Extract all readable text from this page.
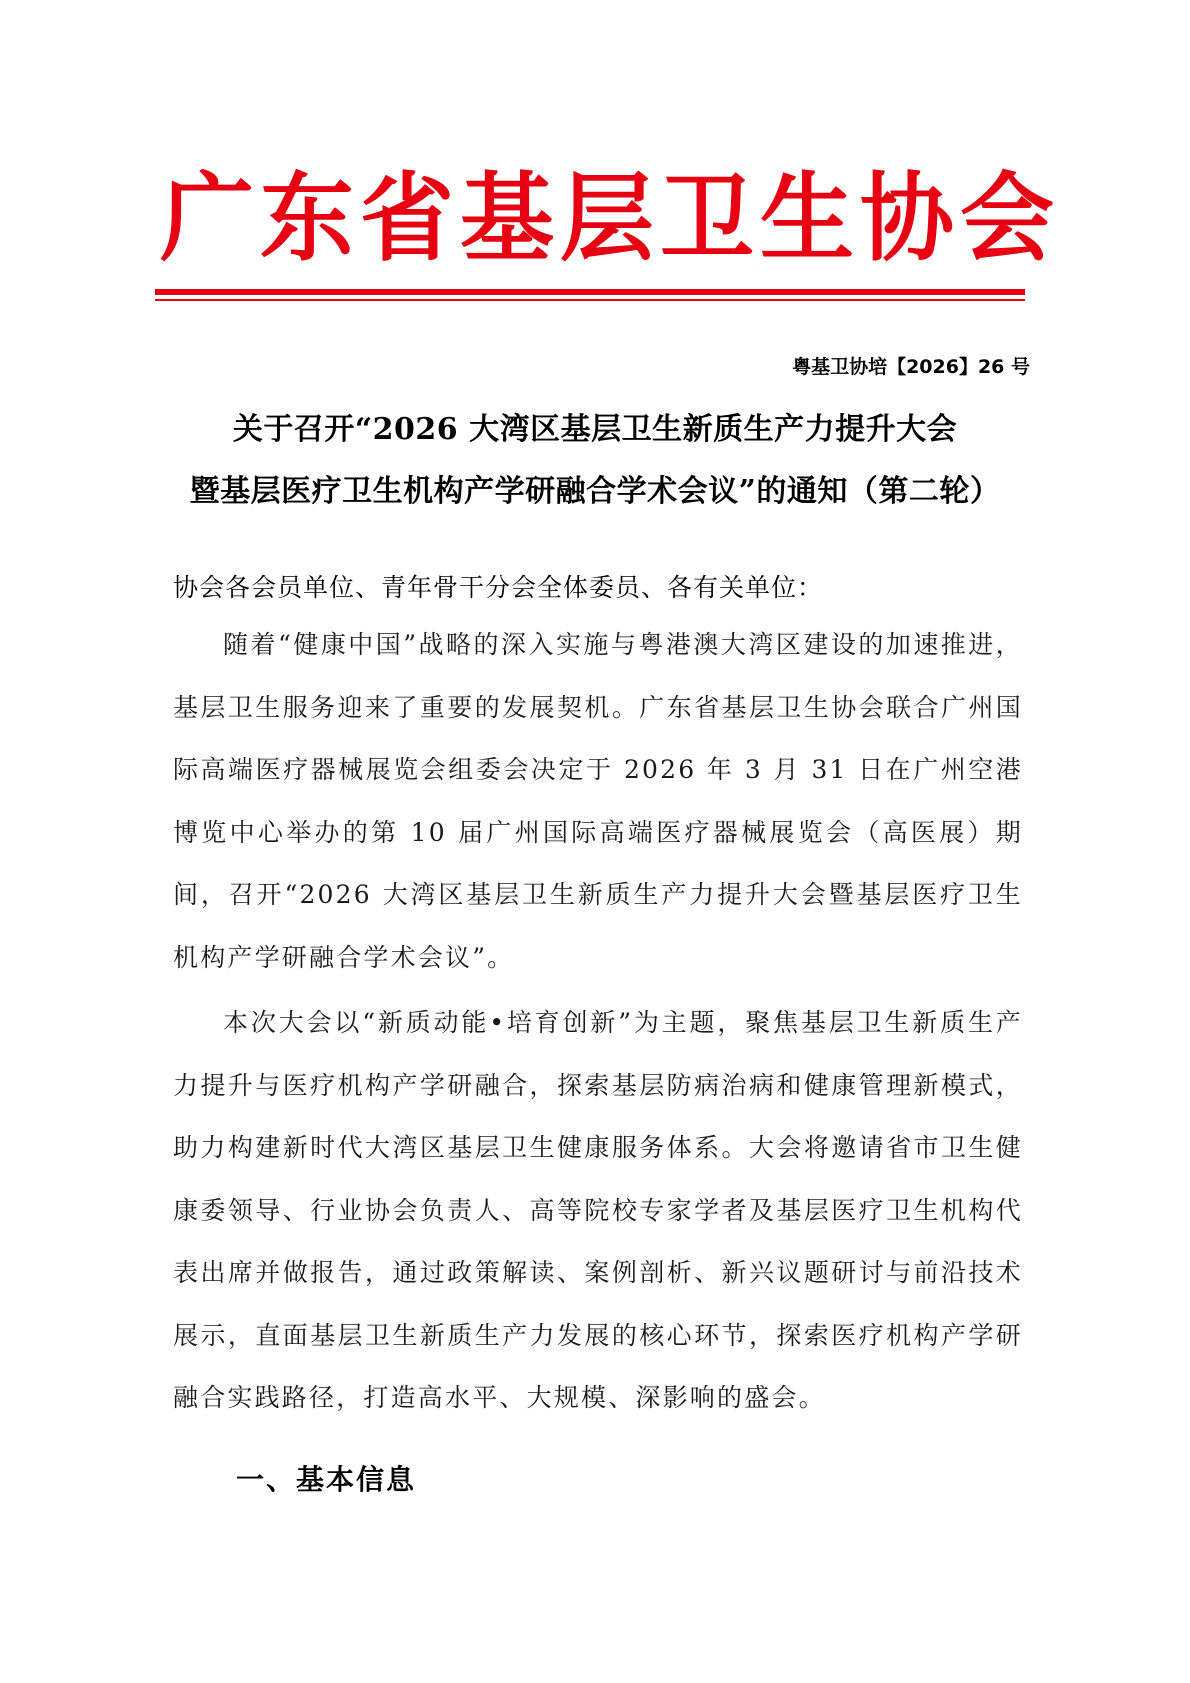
广东省基层卫生协会
粤基卫协培【2026】26 号
关于召开“2026 大湾区基层卫生新质生产力提升大会
暨基层医疗卫生机构产学研融合学术会议”的通知（第二轮）
协会各会员单位、青年骨干分会全体委员、各有关单位：
随着“健康中国”战略的深入实施与粤港澳大湾区建设的加速推进，基层卫生服务迎来了重要的发展契机。广东省基层卫生协会联合广州国际高端医疗器械展览会组委会决定于 2026 年 3 月 31 日在广州空港博览中心举办的第 10 届广州国际高端医疗器械展览会（高医展）期间，召开“2026 大湾区基层卫生新质生产力提升大会暨基层医疗卫生机构产学研融合学术会议”。
本次大会以“新质动能•培育创新”为主题，聚焦基层卫生新质生产力提升与医疗机构产学研融合，探索基层防病治病和健康管理新模式，助力构建新时代大湾区基层卫生健康服务体系。大会将邀请省市卫生健康委领导、行业协会负责人、高等院校专家学者及基层医疗卫生机构代表出席并做报告，通过政策解读、案例剖析、新兴议题研讨与前沿技术展示，直面基层卫生新质生产力发展的核心环节，探索医疗机构产学研融合实践路径，打造高水平、大规模、深影响的盛会。
一、基本信息
